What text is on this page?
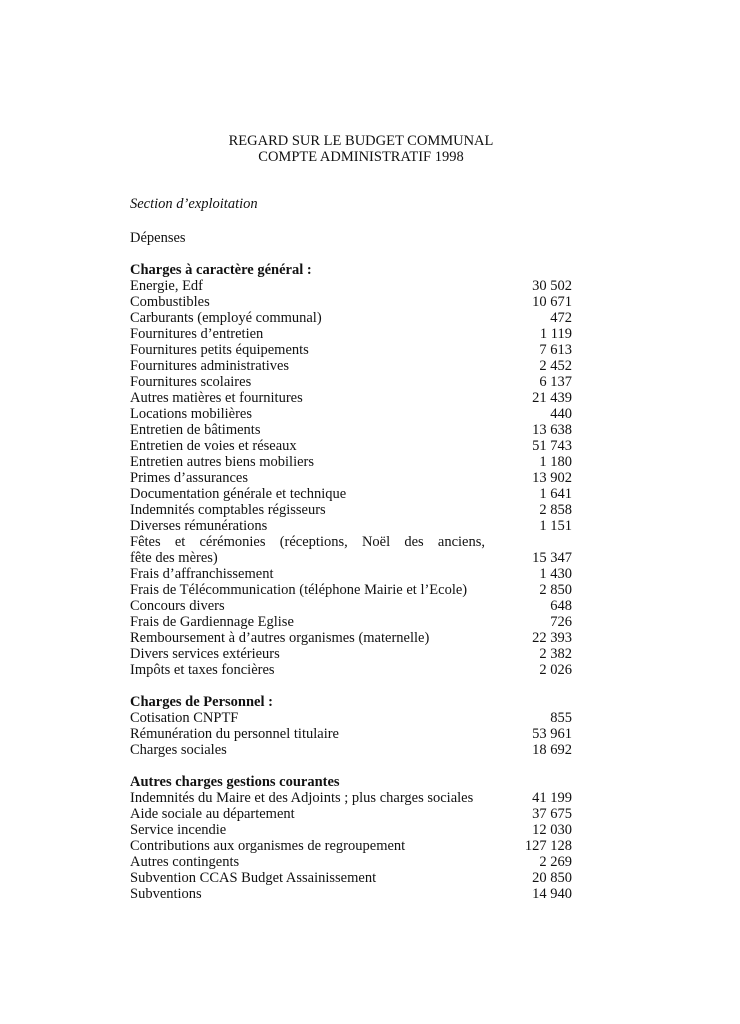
REGARD SUR LE BUDGET COMMUNAL
COMPTE ADMINISTRATIF 1998
Section d’exploitation
Dépenses
Charges à caractère général :
Energie, Edf	30 502
Combustibles	10 671
Carburants (employé communal)	472
Fournitures d’entretien	1 119
Fournitures petits équipements	7 613
Fournitures administratives	2 452
Fournitures scolaires	6 137
Autres matières et fournitures	21 439
Locations mobilières	440
Entretien de bâtiments	13 638
Entretien de voies et réseaux	51 743
Entretien autres biens mobiliers	1 180
Primes d’assurances	13 902
Documentation générale et technique	1 641
Indemnités comptables régisseurs	2 858
Diverses rémunérations	1 151
Fêtes et cérémonies (réceptions, Noël des anciens,
fête des mères)	15 347
Frais d’affranchissement	1 430
Frais de Télécommunication (téléphone Mairie et l’Ecole)	2 850
Concours divers	648
Frais de Gardiennage Eglise	726
Remboursement à d’autres organismes (maternelle)	22 393
Divers services extérieurs	2 382
Impôts et taxes foncières	2 026
Charges de Personnel :
Cotisation CNPTF	855
Rémunération du personnel titulaire	53 961
Charges sociales	18 692
Autres charges gestions courantes
Indemnités du Maire et des Adjoints ; plus charges sociales	41 199
Aide sociale au département	37 675
Service incendie	12 030
Contributions aux organismes de regroupement	127 128
Autres contingents	2 269
Subvention CCAS Budget Assainissement	20 850
Subventions	14 940
